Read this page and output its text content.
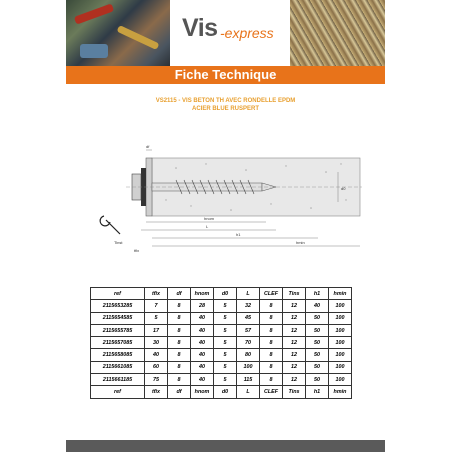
Vis -express
Fiche Technique
VS2115 - VIS BETON TH AVEC RONDELLE EPDM
ACIER BLUE RUSPERT
Tinst
df
hnom
h1
hmin
L
tfix
d0
ref	tfix	df	hnom	d0	L	CLEF	Tins	h1	hmin
2115653285	7	8	28	5	32	8	12	40	100
2115654585	5	8	40	5	45	8	12	50	100
2115655785	17	8	40	5	57	8	12	50	100
2115657085	30	8	40	5	70	8	12	50	100
2115658085	40	8	40	5	80	8	12	50	100
2115661085	60	8	40	5	100	8	12	50	100
2115661185	75	8	40	5	115	8	12	50	100
ref	tfix	df	hnom	d0	L	CLEF	Tins	h1	hmin
